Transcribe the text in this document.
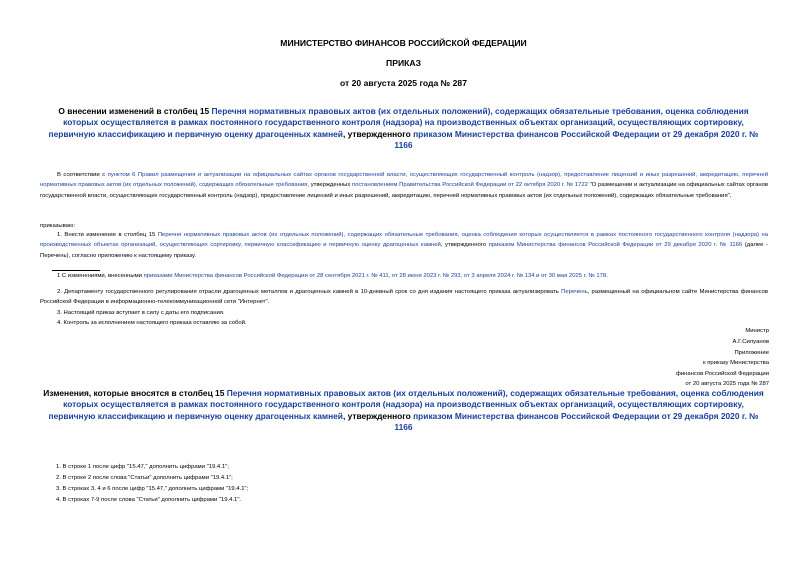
МИНИСТЕРСТВО ФИНАНСОВ РОССИЙСКОЙ ФЕДЕРАЦИИ
ПРИКАЗ
от 20 августа 2025 года № 287
О внесении изменений в столбец 15 Перечня нормативных правовых актов (их отдельных положений), содержащих обязательные требования, оценка соблюдения которых осуществляется в рамках постоянного государственного контроля (надзора) на производственных объектах организаций, осуществляющих сортировку, первичную классификацию и первичную оценку драгоценных камней, утвержденного приказом Министерства финансов Российской Федерации от 29 декабря 2020 г. № 1166
В соответствии с пунктом 6 Правил размещения и актуализации на официальных сайтах органов государственной власти, осуществляющих государственный контроль (надзор), предоставление лицензий и иных разрешений, аккредитацию, перечней нормативных правовых актов (их отдельных положений), содержащих обязательные требования, утвержденных постановлением Правительства Российской Федерации от 22 октября 2020 г. № 1722 "О размещении и актуализации на официальных сайтах органов государственной власти, осуществляющих государственный контроль (надзор), предоставление лицензий и иных разрешений, аккредитацию, перечней нормативных правовых актов (их отдельных положений), содержащих обязательные требования",
приказываю:
1. Внести изменение в столбец 15 Перечня нормативных правовых актов (их отдельных положений), содержащих обязательные требования, оценка соблюдения которых осуществляется в рамках постоянного государственного контроля (надзора) на производственных объектах организаций, осуществляющих сортировку, первичную классификацию и первичную оценку драгоценных камней, утвержденного приказом Министерства финансов Российской Федерации от 29 декабря 2020 г. № 1166 (далее - Перечень), согласно приложению к настоящему приказу.
1 С изменениями, внесенными приказами Министерства финансов Российской Федерации от 28 сентября 2021 г. № 411, от 28 июня 2023 г. № 293, от 3 апреля 2024 г. № 134 и от 30 мая 2025 г. № 178.
2. Департаменту государственного регулирования отрасли драгоценных металлов и драгоценных камней в 10-дневный срок со дня издания настоящего приказа актуализировать Перечень, размещенный на официальном сайте Министерства финансов Российской Федерации в информационно-телекоммуникационной сети "Интернет".
3. Настоящий приказ вступает в силу с даты его подписания.
4. Контроль за исполнением настоящего приказа оставляю за собой.
Министр
А.Г.Силуанов
Приложение
к приказу Министерства
финансов Российской Федерации
от 20 августа 2025 года № 287
Изменения, которые вносятся в столбец 15 Перечня нормативных правовых актов (их отдельных положений), содержащих обязательные требования, оценка соблюдения которых осуществляется в рамках постоянного государственного контроля (надзора) на производственных объектах организаций, осуществляющих сортировку, первичную классификацию и первичную оценку драгоценных камней, утвержденного приказом Министерства финансов Российской Федерации от 29 декабря 2020 г. № 1166
1. В строке 1 после цифр "15.47," дополнить цифрами "19.4.1";
2. В строке 2 после слова "Статьи" дополнить цифрами "19.4.1";
3. В строках 3, 4 и 6 после цифр "15.47," дополнить цифрами "19.4.1";
4. В строках 7-9 после слова "Статьи" дополнить цифрами "19.4.1".
